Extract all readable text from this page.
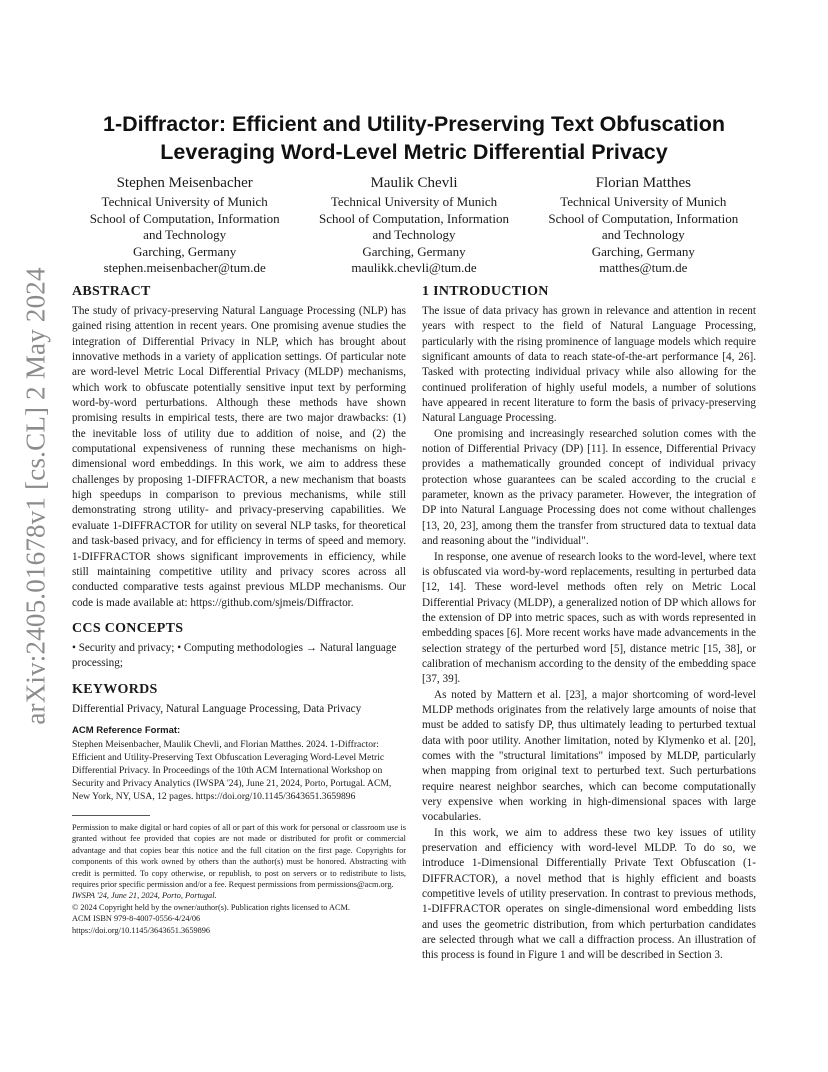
arXiv:2405.01678v1 [cs.CL] 2 May 2024
1-Diffractor: Efficient and Utility-Preserving Text Obfuscation
Leveraging Word-Level Metric Differential Privacy
Stephen Meisenbacher
Technical University of Munich
School of Computation, Information
and Technology
Garching, Germany
stephen.meisenbacher@tum.de
Maulik Chevli
Technical University of Munich
School of Computation, Information
and Technology
Garching, Germany
maulikk.chevli@tum.de
Florian Matthes
Technical University of Munich
School of Computation, Information
and Technology
Garching, Germany
matthes@tum.de
ABSTRACT

The study of privacy-preserving Natural Language Processing (NLP) has gained rising attention in recent years. One promising avenue studies the integration of Differential Privacy in NLP, which has brought about innovative methods in a variety of application settings. Of particular note are word-level Metric Local Differential Privacy (MLDP) mechanisms, which work to obfuscate potentially sensitive input text by performing word-by-word perturbations. Although these methods have shown promising results in empirical tests, there are two major drawbacks: (1) the inevitable loss of utility due to addition of noise, and (2) the computational expensiveness of running these mechanisms on high-dimensional word embeddings. In this work, we aim to address these challenges by proposing 1-DIFFRACTOR, a new mechanism that boasts high speedups in comparison to previous mechanisms, while still demonstrating strong utility- and privacy-preserving capabilities. We evaluate 1-DIFFRACTOR for utility on several NLP tasks, for theoretical and task-based privacy, and for efficiency in terms of speed and memory. 1-DIFFRACTOR shows significant improvements in efficiency, while still maintaining competitive utility and privacy scores across all conducted comparative tests against previous MLDP mechanisms. Our code is made available at: https://github.com/sjmeis/Diffractor.

CCS CONCEPTS

• Security and privacy; • Computing methodologies → Natural language processing;

KEYWORDS

Differential Privacy, Natural Language Processing, Data Privacy

ACM Reference Format:
Stephen Meisenbacher, Maulik Chevli, and Florian Matthes. 2024. 1-Diffractor: Efficient and Utility-Preserving Text Obfuscation Leveraging Word-Level Metric Differential Privacy. In Proceedings of the 10th ACM International Workshop on Security and Privacy Analytics (IWSPA '24), June 21, 2024, Porto, Portugal. ACM, New York, NY, USA, 12 pages. https://doi.org/10.1145/3643651.3659896
Permission to make digital or hard copies of all or part of this work for personal or classroom use is granted without fee provided that copies are not made or distributed for profit or commercial advantage and that copies bear this notice and the full citation on the first page. Copyrights for components of this work owned by others than the author(s) must be honored. Abstracting with credit is permitted. To copy otherwise, or republish, to post on servers or to redistribute to lists, requires prior specific permission and/or a fee. Request permissions from permissions@acm.org.
IWSPA '24, June 21, 2024, Porto, Portugal.
© 2024 Copyright held by the owner/author(s). Publication rights licensed to ACM.
ACM ISBN 979-8-4007-0556-4/24/06
https://doi.org/10.1145/3643651.3659896
1 INTRODUCTION

The issue of data privacy has grown in relevance and attention in recent years with respect to the field of Natural Language Processing, particularly with the rising prominence of language models which require significant amounts of data to reach state-of-the-art performance [4, 26]. Tasked with protecting individual privacy while also allowing for the continued proliferation of highly useful models, a number of solutions have appeared in recent literature to form the basis of privacy-preserving Natural Language Processing.

One promising and increasingly researched solution comes with the notion of Differential Privacy (DP) [11]. In essence, Differential Privacy provides a mathematically grounded concept of individual privacy protection whose guarantees can be scaled according to the crucial ε parameter, known as the privacy parameter. However, the integration of DP into Natural Language Processing does not come without challenges [13, 20, 23], among them the transfer from structured data to textual data and reasoning about the "individual".

In response, one avenue of research looks to the word-level, where text is obfuscated via word-by-word replacements, resulting in perturbed data [12, 14]. These word-level methods often rely on Metric Local Differential Privacy (MLDP), a generalized notion of DP which allows for the extension of DP into metric spaces, such as with words represented in embedding spaces [6]. More recent works have made advancements in the selection strategy of the perturbed word [5], distance metric [15, 38], or calibration of mechanism according to the density of the embedding space [37, 39].

As noted by Mattern et al. [23], a major shortcoming of word-level MLDP methods originates from the relatively large amounts of noise that must be added to satisfy DP, thus ultimately leading to perturbed textual data with poor utility. Another limitation, noted by Klymenko et al. [20], comes with the "structural limitations" imposed by MLDP, particularly when mapping from original text to perturbed text. Such perturbations require nearest neighbor searches, which can become computationally very expensive when working in high-dimensional spaces with large vocabularies.

In this work, we aim to address these two key issues of utility preservation and efficiency with word-level MLDP. To do so, we introduce 1-Dimensional Differentially Private Text Obfuscation (1-DIFFRACTOR), a novel method that is highly efficient and boasts competitive levels of utility preservation. In contrast to previous methods, 1-DIFFRACTOR operates on single-dimensional word embedding lists and uses the geometric distribution, from which perturbation candidates are selected through what we call a diffraction process. An illustration of this process is found in Figure 1 and will be described in Section 3.
